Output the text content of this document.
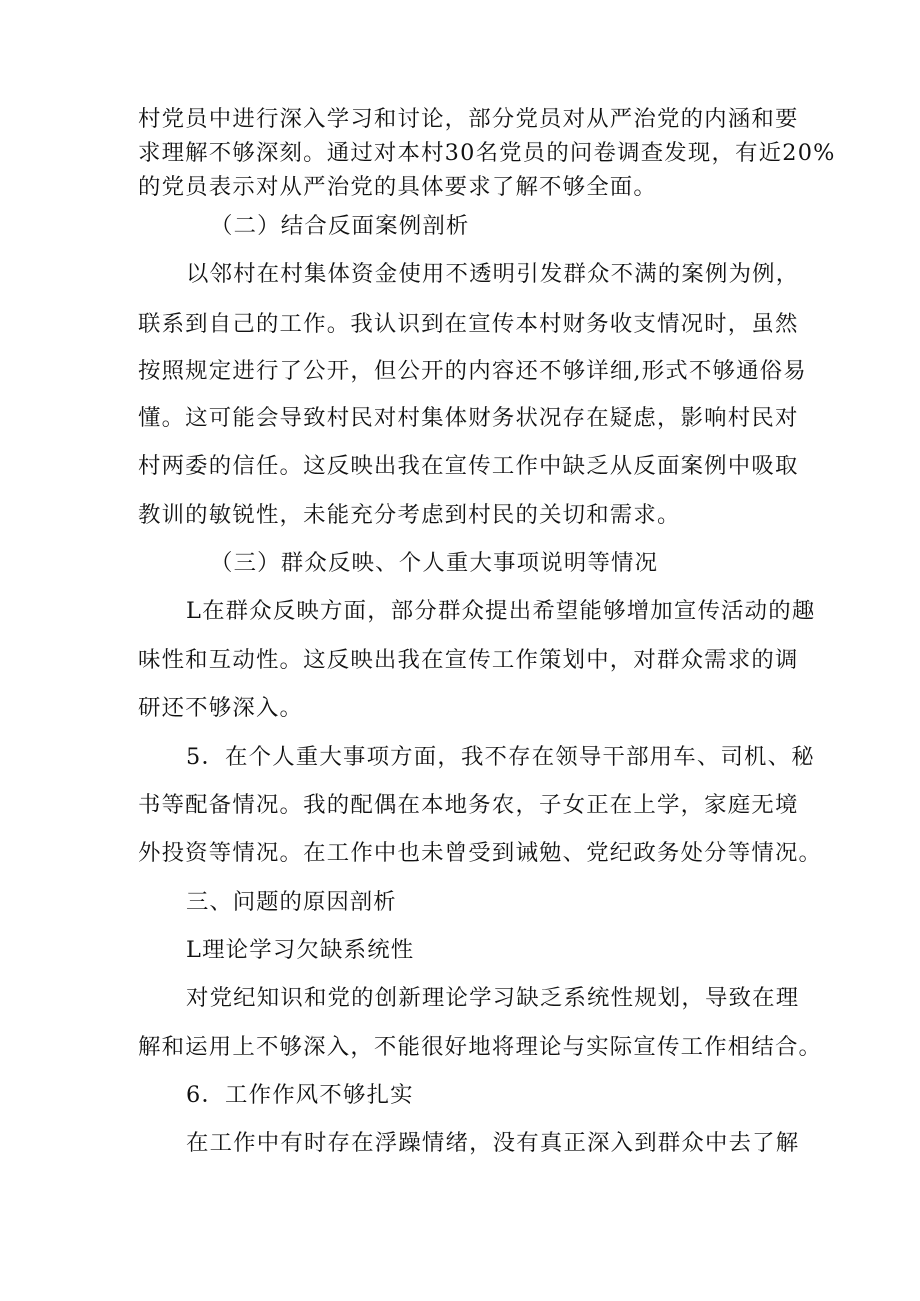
村党员中进行深入学习和讨论，部分党员对从严治党的内涵和要

求理解不够深刻。通过对本村30名党员的问卷调查发现，有近20%

的党员表示对从严治党的具体要求了解不够全面。

（二）结合反面案例剖析

以邻村在村集体资金使用不透明引发群众不满的案例为例，

联系到自己的工作。我认识到在宣传本村财务收支情况时，虽然

按照规定进行了公开，但公开的内容还不够详细,形式不够通俗易

懂。这可能会导致村民对村集体财务状况存在疑虑，影响村民对

村两委的信任。这反映出我在宣传工作中缺乏从反面案例中吸取

教训的敏锐性，未能充分考虑到村民的关切和需求。

（三）群众反映、个人重大事项说明等情况

L在群众反映方面，部分群众提出希望能够增加宣传活动的趣

味性和互动性。这反映出我在宣传工作策划中，对群众需求的调

研还不够深入。

5．在个人重大事项方面，我不存在领导干部用车、司机、秘

书等配备情况。我的配偶在本地务农，子女正在上学，家庭无境

外投资等情况。在工作中也未曾受到诫勉、党纪政务处分等情况。

三、问题的原因剖析

L理论学习欠缺系统性

对党纪知识和党的创新理论学习缺乏系统性规划，导致在理

解和运用上不够深入，不能很好地将理论与实际宣传工作相结合。

6．工作作风不够扎实

在工作中有时存在浮躁情绪，没有真正深入到群众中去了解
